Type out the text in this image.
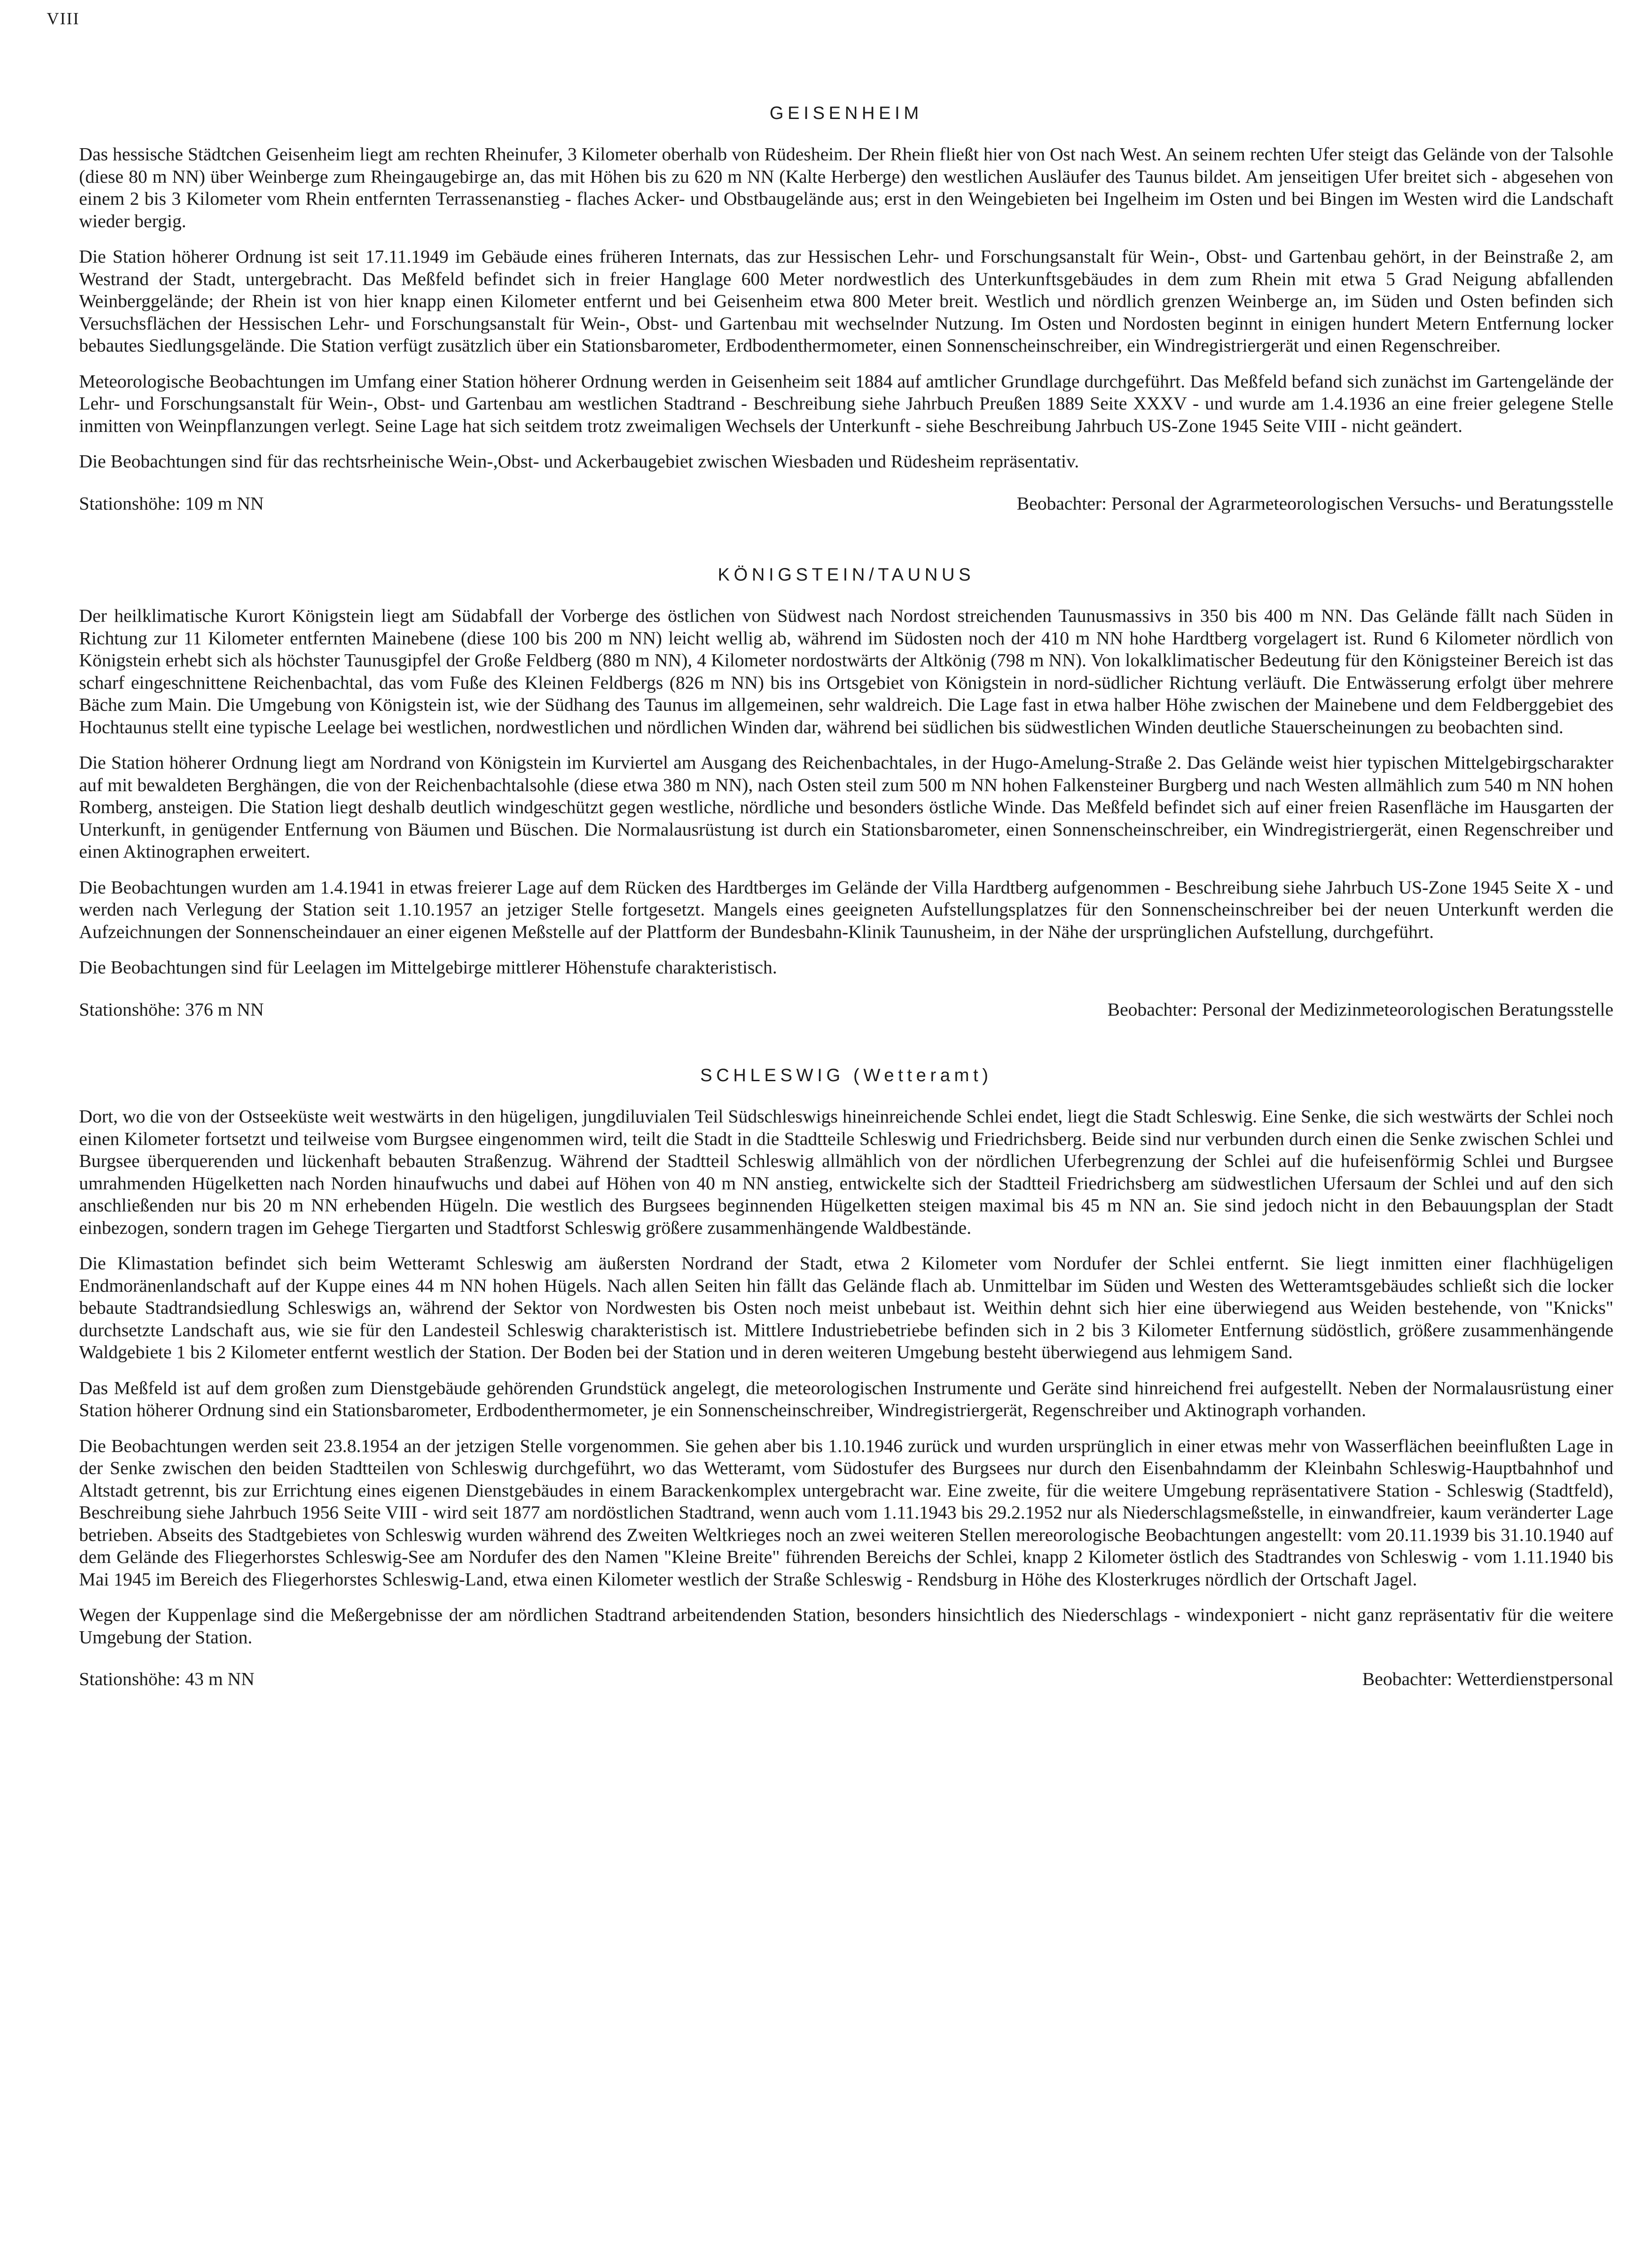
VIII
GEISENHEIM

Das hessische Städtchen Geisenheim liegt am rechten Rheinufer, 3 Kilometer oberhalb von Rüdesheim. Der Rhein fließt hier von Ost nach West. An seinem rechten Ufer steigt das Gelände von der Talsohle (diese 80 m NN) über Weinberge zum Rheingaugebirge an, das mit Höhen bis zu 620 m NN (Kalte Herberge) den westlichen Ausläufer des Taunus bildet. Am jenseitigen Ufer breitet sich - abgesehen von einem 2 bis 3 Kilometer vom Rhein entfernten Terrassenanstieg - flaches Acker- und Obstbaugelände aus; erst in den Weingebieten bei Ingelheim im Osten und bei Bingen im Westen wird die Landschaft wieder bergig.

Die Station höherer Ordnung ist seit 17.11.1949 im Gebäude eines früheren Internats, das zur Hessischen Lehr- und Forschungsanstalt für Wein-, Obst- und Gartenbau gehört, in der Beinstraße 2, am Westrand der Stadt, untergebracht. Das Meßfeld befindet sich in freier Hanglage 600 Meter nordwestlich des Unterkunftsgebäudes in dem zum Rhein mit etwa 5 Grad Neigung abfallenden Weinberggelände; der Rhein ist von hier knapp einen Kilometer entfernt und bei Geisenheim etwa 800 Meter breit. Westlich und nördlich grenzen Weinberge an, im Süden und Osten befinden sich Versuchsflächen der Hessischen Lehr- und Forschungsanstalt für Wein-, Obst- und Gartenbau mit wechselnder Nutzung. Im Osten und Nordosten beginnt in einigen hundert Metern Entfernung locker bebautes Siedlungsgelände. Die Station verfügt zusätzlich über ein Stationsbarometer, Erdbodenthermometer, einen Sonnenscheinschreiber, ein Windregistriergerät und einen Regenschreiber.

Meteorologische Beobachtungen im Umfang einer Station höherer Ordnung werden in Geisenheim seit 1884 auf amtlicher Grundlage durchgeführt. Das Meßfeld befand sich zunächst im Gartengelände der Lehr- und Forschungsanstalt für Wein-, Obst- und Gartenbau am westlichen Stadtrand - Beschreibung siehe Jahrbuch Preußen 1889 Seite XXXV - und wurde am 1.4.1936 an eine freier gelegene Stelle inmitten von Weinpflanzungen verlegt. Seine Lage hat sich seitdem trotz zweimaligen Wechsels der Unterkunft - siehe Beschreibung Jahrbuch US-Zone 1945 Seite VIII - nicht geändert.

Die Beobachtungen sind für das rechtsrheinische Wein-,Obst- und Ackerbaugebiet zwischen Wiesbaden und Rüdesheim repräsentativ.

Stationshöhe: 109 m NN	Beobachter: Personal der Agrarmeteorologischen Versuchs- und Beratungsstelle
KÖNIGSTEIN/TAUNUS

Der heilklimatische Kurort Königstein liegt am Südabfall der Vorberge des östlichen von Südwest nach Nordost streichenden Taunusmassivs in 350 bis 400 m NN. Das Gelände fällt nach Süden in Richtung zur 11 Kilometer entfernten Mainebene (diese 100 bis 200 m NN) leicht wellig ab, während im Südosten noch der 410 m NN hohe Hardtberg vorgelagert ist. Rund 6 Kilometer nördlich von Königstein erhebt sich als höchster Taunusgipfel der Große Feldberg (880 m NN), 4 Kilometer nordostwärts der Altkönig (798 m NN). Von lokalklimatischer Bedeutung für den Königsteiner Bereich ist das scharf eingeschnittene Reichenbachtal, das vom Fuße des Kleinen Feldbergs (826 m NN) bis ins Ortsgebiet von Königstein in nord-südlicher Richtung verläuft. Die Entwässerung erfolgt über mehrere Bäche zum Main. Die Umgebung von Königstein ist, wie der Südhang des Taunus im allgemeinen, sehr waldreich. Die Lage fast in etwa halber Höhe zwischen der Mainebene und dem Feldberggebiet des Hochtaunus stellt eine typische Leelage bei westlichen, nordwestlichen und nördlichen Winden dar, während bei südlichen bis südwestlichen Winden deutliche Stauerscheinungen zu beobachten sind.

Die Station höherer Ordnung liegt am Nordrand von Königstein im Kurviertel am Ausgang des Reichenbachtales, in der Hugo-Amelung-Straße 2. Das Gelände weist hier typischen Mittelgebirgscharakter auf mit bewaldeten Berghängen, die von der Reichenbachtalsohle (diese etwa 380 m NN), nach Osten steil zum 500 m NN hohen Falkensteiner Burgberg und nach Westen allmählich zum 540 m NN hohen Romberg, ansteigen. Die Station liegt deshalb deutlich windgeschützt gegen westliche, nördliche und besonders östliche Winde. Das Meßfeld befindet sich auf einer freien Rasenfläche im Hausgarten der Unterkunft, in genügender Entfernung von Bäumen und Büschen. Die Normalausrüstung ist durch ein Stationsbarometer, einen Sonnenscheinschreiber, ein Windregistriergerät, einen Regenschreiber und einen Aktinographen erweitert.

Die Beobachtungen wurden am 1.4.1941 in etwas freierer Lage auf dem Rücken des Hardtberges im Gelände der Villa Hardtberg aufgenommen - Beschreibung siehe Jahrbuch US-Zone 1945 Seite X - und werden nach Verlegung der Station seit 1.10.1957 an jetziger Stelle fortgesetzt. Mangels eines geeigneten Aufstellungsplatzes für den Sonnenscheinschreiber bei der neuen Unterkunft werden die Aufzeichnungen der Sonnenscheindauer an einer eigenen Meßstelle auf der Plattform der Bundesbahn-Klinik Taunusheim, in der Nähe der ursprünglichen Aufstellung, durchgeführt.

Die Beobachtungen sind für Leelagen im Mittelgebirge mittlerer Höhenstufe charakteristisch.

Stationshöhe: 376 m NN	Beobachter: Personal der Medizinmeteorologischen Beratungsstelle
SCHLESWIG (Wetteramt)

Dort, wo die von der Ostseeküste weit westwärts in den hügeligen, jungdiluvialen Teil Südschleswigs hineinreichende Schlei endet, liegt die Stadt Schleswig. Eine Senke, die sich westwärts der Schlei noch einen Kilometer fortsetzt und teilweise vom Burgsee eingenommen wird, teilt die Stadt in die Stadtteile Schleswig und Friedrichsberg. Beide sind nur verbunden durch einen die Senke zwischen Schlei und Burgsee überquerenden und lückenhaft bebauten Straßenzug. Während der Stadtteil Schleswig allmählich von der nördlichen Uferbegrenzung der Schlei auf die hufeisenförmig Schlei und Burgsee umrahmenden Hügelketten nach Norden hinaufwuchs und dabei auf Höhen von 40 m NN anstieg, entwickelte sich der Stadtteil Friedrichsberg am südwestlichen Ufersaum der Schlei und auf den sich anschließenden nur bis 20 m NN erhebenden Hügeln. Die westlich des Burgsees beginnenden Hügelketten steigen maximal bis 45 m NN an. Sie sind jedoch nicht in den Bebauungsplan der Stadt einbezogen, sondern tragen im Gehege Tiergarten und Stadtforst Schleswig größere zusammenhängende Waldbestände.

Die Klimastation befindet sich beim Wetteramt Schleswig am äußersten Nordrand der Stadt, etwa 2 Kilometer vom Nordufer der Schlei entfernt. Sie liegt inmitten einer flachhügeligen Endmoränenlandschaft auf der Kuppe eines 44 m NN hohen Hügels. Nach allen Seiten hin fällt das Gelände flach ab. Unmittelbar im Süden und Westen des Wetteramtsgebäudes schließt sich die locker bebaute Stadtrandsiedlung Schleswigs an, während der Sektor von Nordwesten bis Osten noch meist unbebaut ist. Weithin dehnt sich hier eine überwiegend aus Weiden bestehende, von "Knicks" durchsetzte Landschaft aus, wie sie für den Landesteil Schleswig charakteristisch ist. Mittlere Industriebetriebe befinden sich in 2 bis 3 Kilometer Entfernung südöstlich, größere zusammenhängende Waldgebiete 1 bis 2 Kilometer entfernt westlich der Station. Der Boden bei der Station und in deren weiteren Umgebung besteht überwiegend aus lehmigem Sand.

Das Meßfeld ist auf dem großen zum Dienstgebäude gehörenden Grundstück angelegt, die meteorologischen Instrumente und Geräte sind hinreichend frei aufgestellt. Neben der Normalausrüstung einer Station höherer Ordnung sind ein Stationsbarometer, Erdbodenthermometer, je ein Sonnenscheinschreiber, Windregistriergerät, Regenschreiber und Aktinograph vorhanden.

Die Beobachtungen werden seit 23.8.1954 an der jetzigen Stelle vorgenommen. Sie gehen aber bis 1.10.1946 zurück und wurden ursprünglich in einer etwas mehr von Wasserflächen beeinflußten Lage in der Senke zwischen den beiden Stadtteilen von Schleswig durchgeführt, wo das Wetteramt, vom Südostufer des Burgsees nur durch den Eisenbahndamm der Kleinbahn Schleswig-Hauptbahnhof und Altstadt getrennt, bis zur Errichtung eines eigenen Dienstgebäudes in einem Barackenkomplex untergebracht war. Eine zweite, für die weitere Umgebung repräsentativere Station - Schleswig (Stadtfeld), Beschreibung siehe Jahrbuch 1956 Seite VIII - wird seit 1877 am nordöstlichen Stadtrand, wenn auch vom 1.11.1943 bis 29.2.1952 nur als Niederschlagsmeßstelle, in einwandfreier, kaum veränderter Lage betrieben. Abseits des Stadtgebietes von Schleswig wurden während des Zweiten Weltkrieges noch an zwei weiteren Stellen mereorologische Beobachtungen angestellt: vom 20.11.1939 bis 31.10.1940 auf dem Gelände des Fliegerhorstes Schleswig-See am Nordufer des den Namen "Kleine Breite" führenden Bereichs der Schlei, knapp 2 Kilometer östlich des Stadtrandes von Schleswig - vom 1.11.1940 bis Mai 1945 im Bereich des Fliegerhorstes Schleswig-Land, etwa einen Kilometer westlich der Straße Schleswig - Rendsburg in Höhe des Klosterkruges nördlich der Ortschaft Jagel.

Wegen der Kuppenlage sind die Meßergebnisse der am nördlichen Stadtrand arbeitendenden Station, besonders hinsichtlich des Niederschlags - windexponiert - nicht ganz repräsentativ für die weitere Umgebung der Station.

Stationshöhe: 43 m NN	Beobachter: Wetterdienstpersonal
